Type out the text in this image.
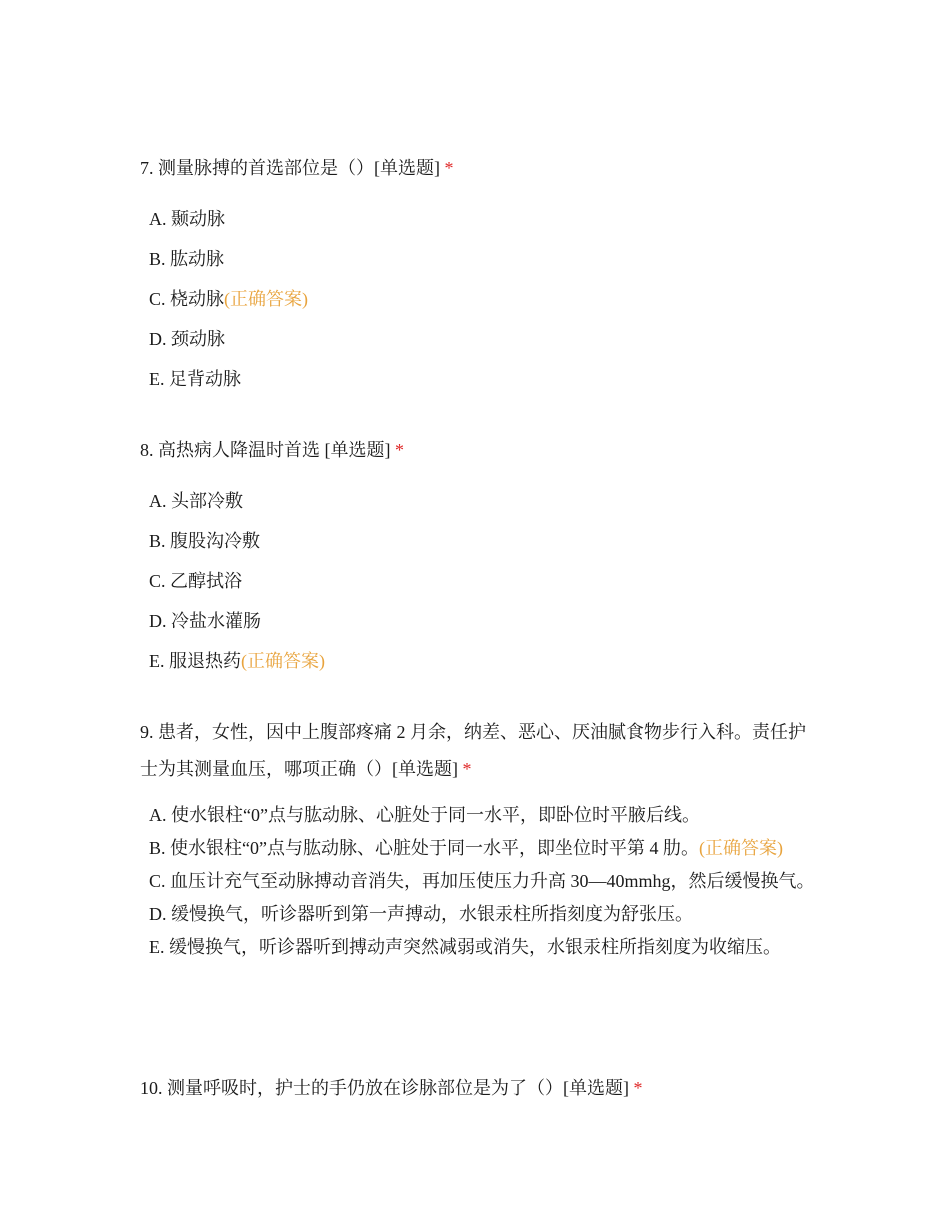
7. 测量脉搏的首选部位是（）[单选题] *

A. 颞动脉
B. 肱动脉
C. 桡动脉(正确答案)
D. 颈动脉
E. 足背动脉

8. 高热病人降温时首选 [单选题] *

A. 头部冷敷
B. 腹股沟冷敷
C. 乙醇拭浴
D. 冷盐水灌肠
E. 服退热药(正确答案)

9. 患者，女性，因中上腹部疼痛 2 月余，纳差、恶心、厌油腻食物步行入科。责任护士为其测量血压，哪项正确（）[单选题] *

A. 使水银柱“0”点与肱动脉、心脏处于同一水平，即卧位时平腋后线。
B. 使水银柱“0”点与肱动脉、心脏处于同一水平，即坐位时平第 4 肋。(正确答案)
C. 血压计充气至动脉搏动音消失，再加压使压力升高 30—40mmhg，然后缓慢换气。
D. 缓慢换气，听诊器听到第一声搏动，水银汞柱所指刻度为舒张压。
E. 缓慢换气，听诊器听到搏动声突然减弱或消失，水银汞柱所指刻度为收缩压。

10. 测量呼吸时，护士的手仍放在诊脉部位是为了（）[单选题] *
